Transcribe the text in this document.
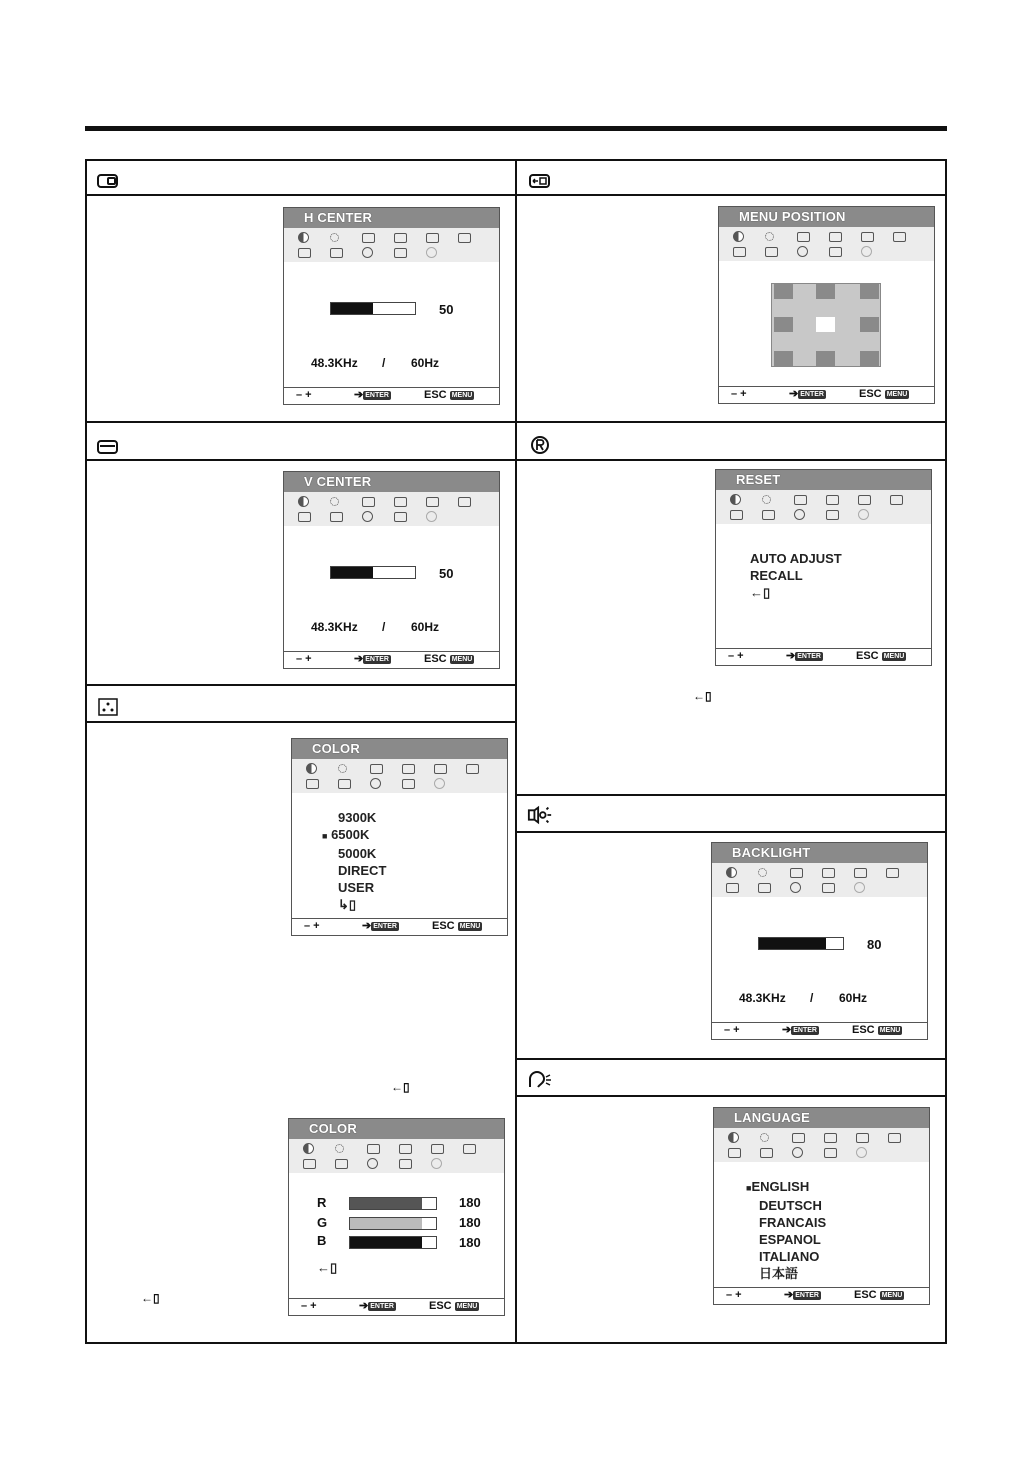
H CENTER
50
48.3KHz / 60Hz
– +	➔ ENTER	ESC MENU
MENU POSITION
– +	➔ ENTER	ESC MENU
V CENTER
50
48.3KHz / 60Hz
– +	➔ ENTER	ESC MENU
RESET
AUTO ADJUST
RECALL
←▯
– +	➔ ENTER	ESC MENU
←▯
COLOR
9300K
■ 6500K
5000K
DIRECT
USER
↳▯
– +	➔ ENTER	ESC MENU
←▯
BACKLIGHT
80
48.3KHz / 60Hz
– +	➔ ENTER	ESC MENU
COLOR
R	180
G	180
B	180
←▯
– +	➔ ENTER	ESC MENU
←▯
LANGUAGE
■ENGLISH
DEUTSCH
FRANCAIS
ESPANOL
ITALIANO
日本語
– +	➔ ENTER	ESC MENU
